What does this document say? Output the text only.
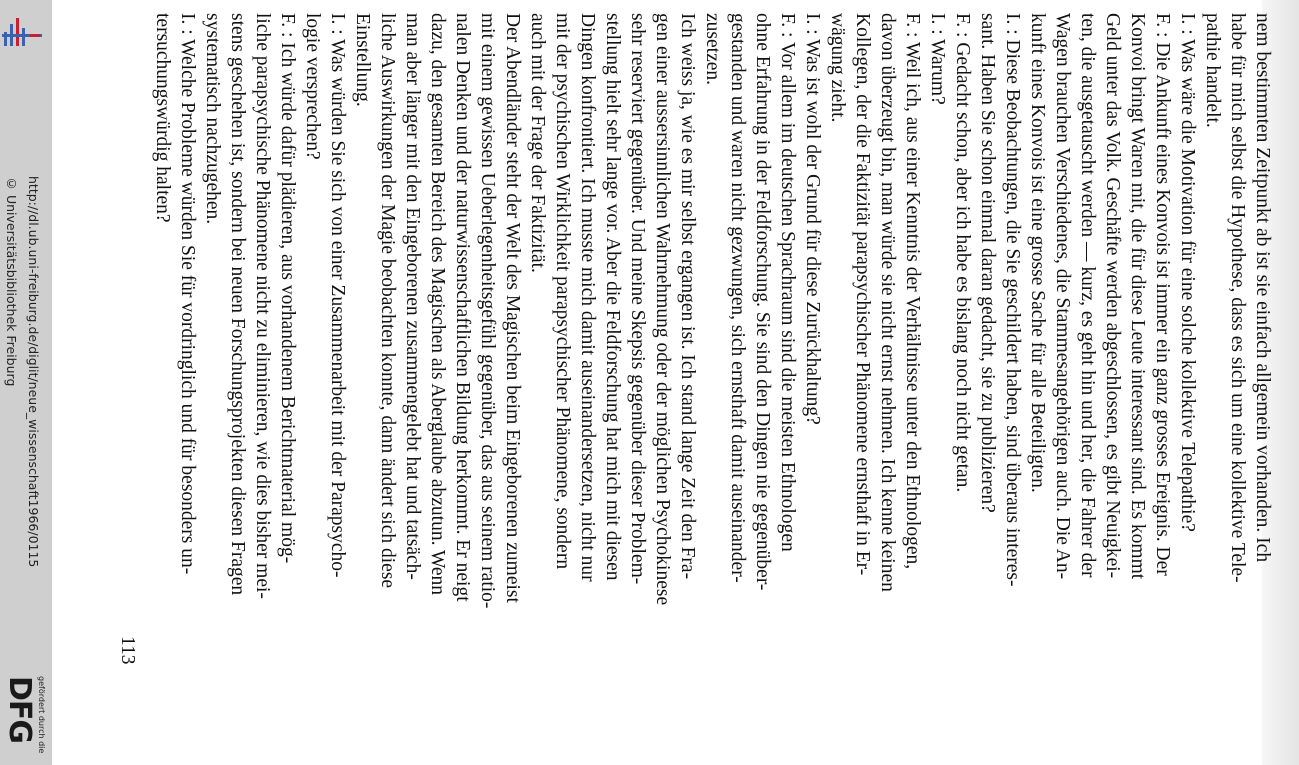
http://dl.ub.uni-freiburg.de/diglit/neue_wissenschaft1966/0115
© Universitätsbibliothek Freiburg
gefördert durch die
DFG
113
nem bestimmten Zeitpunkt ab ist sie einfach allgemein vorhanden. Ich
habe für mich selbst die Hypothese, dass es sich um eine kollektive Tele-
pathie handelt.
I. : Was wäre die Motivation für eine solche kollektive Telepathie?
F. : Die Ankunft eines Konvois ist immer ein ganz grosses Ereignis. Der
Konvoi bringt Waren mit, die für diese Leute interessant sind. Es kommt
Geld unter das Volk. Geschäfte werden abgeschlossen, es gibt Neuigkei-
ten, die ausgetauscht werden — kurz, es geht hin und her, die Fahrer der
Wagen brauchen Verschiedenes, die Stammesangehörigen auch. Die An-
kunft eines Konvois ist eine grosse Sache für alle Beteiligten.
I. : Diese Beobachtungen, die Sie geschildert haben, sind überaus interes-
sant. Haben Sie schon einmal daran gedacht, sie zu publizieren?
F. : Gedacht schon, aber ich habe es bislang noch nicht getan.
I. : Warum?
F. : Weil ich, aus einer Kenntnis der Verhältnisse unter den Ethnologen,
davon überzeugt bin, man würde sie nicht ernst nehmen. Ich kenne keinen
Kollegen, der die Faktizität parapsychischer Phänomene ernsthaft in Er-
wägung zieht.
I. : Was ist wohl der Grund für diese Zurückhaltung?
F. : Vor allem im deutschen Sprachraum sind die meisten Ethnologen
ohne Erfahrung in der Feldforschung. Sie sind den Dingen nie gegenüber-
gestanden und waren nicht gezwungen, sich ernsthaft damit auseinander-
zusetzen.
Ich weiss ja, wie es mir selbst ergangen ist. Ich stand lange Zeit den Fra-
gen einer aussersinnlichen Wahrnehmung oder der möglichen Psychokinese
sehr reserviert gegenüber. Und meine Skepsis gegenüber dieser Problem-
stellung hielt sehr lange vor. Aber die Feldforschung hat mich mit diesen
Dingen konfrontiert. Ich musste mich damit auseinandersetzen, nicht nur
mit der psychischen Wirklichkeit parapsychischer Phänomene, sondern
auch mit der Frage der Faktizität.
Der Abendländer steht der Welt des Magischen beim Eingeborenen zumeist
mit einem gewissen Ueberlegenheitsgefühl gegenüber, das aus seinem ratio-
nalen Denken und der naturwissenschaftlichen Bildung herkommt. Er neigt
dazu, den gesamten Bereich des Magischen als Aberglaube abzutun. Wenn
man aber länger mit den Eingeborenen zusammengelebt hat und tatsäch-
liche Auswirkungen der Magie beobachten konnte, dann ändert sich diese
Einstellung.
I. : Was würden Sie sich von einer Zusammenarbeit mit der Parapsycho-
logie versprechen?
F. : Ich würde dafür plädieren, aus vorhandenem Berichtmaterial mög-
liche parapsychische Phänomene nicht zu eliminieren, wie dies bisher mei-
stens geschehen ist, sondern bei neuen Forschungsprojekten diesen Fragen
systematisch nachzugehen.
I. : Welche Probleme würden Sie für vordringlich und für besonders un-
tersuchungswürdig halten?
